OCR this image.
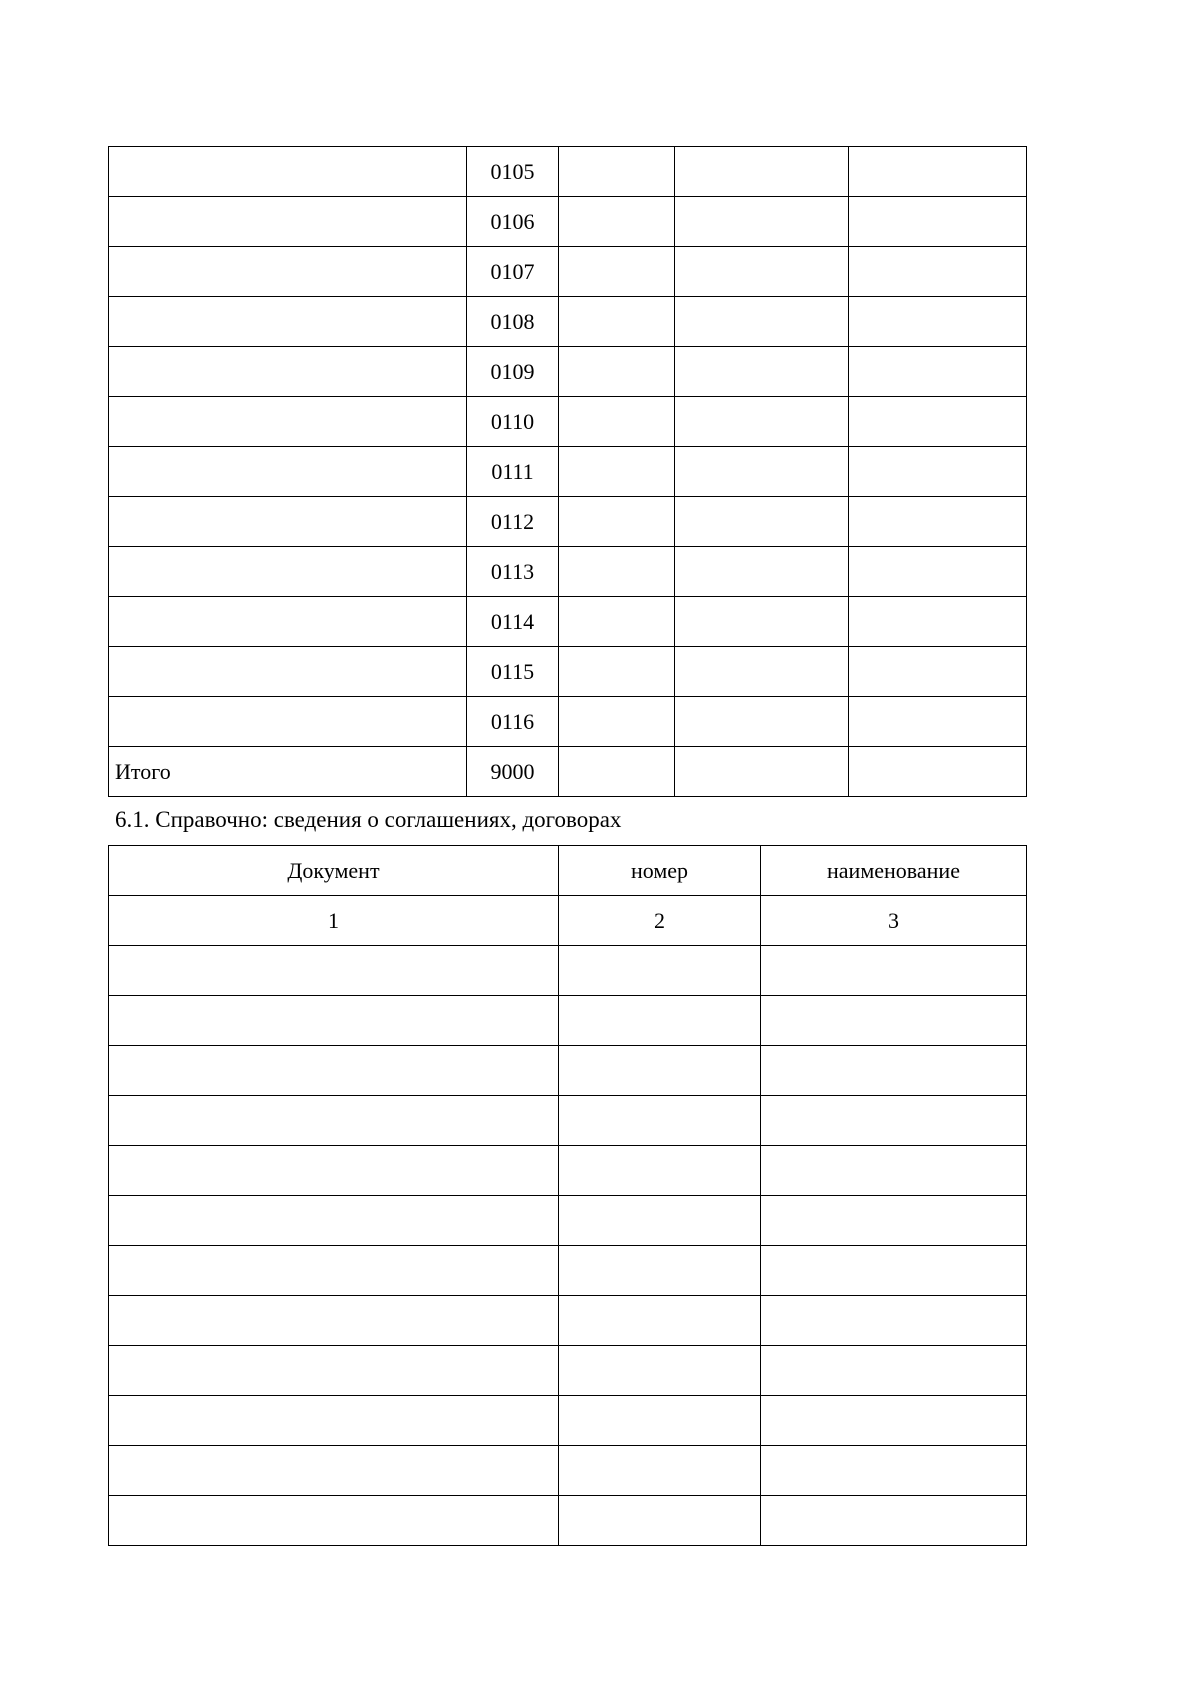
	0105			
	0106			
	0107			
	0108			
	0109			
	0110			
	0111			
	0112			
	0113			
	0114			
	0115			
	0116			
Итого	9000			
6.1. Справочно: сведения о соглашениях, договорах
Документ	номер	наименование
1	2	3
